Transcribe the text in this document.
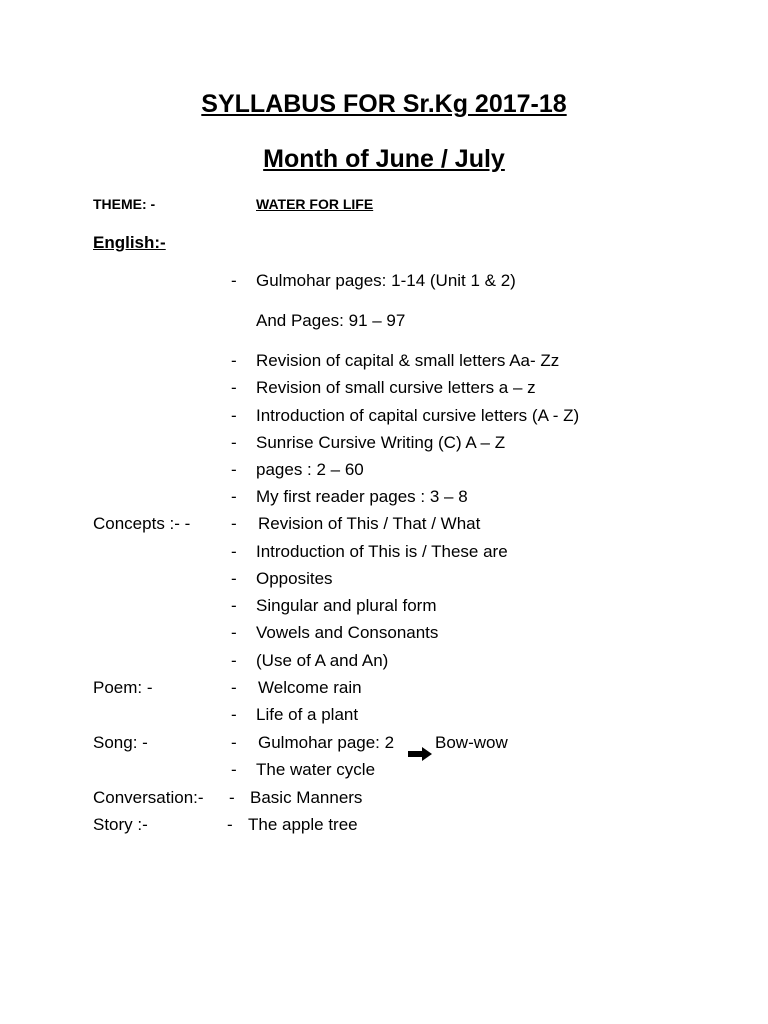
SYLLABUS FOR Sr.Kg 2017-18
Month of June / July
THEME: -	WATER FOR LIFE
English:-
- Gulmohar pages: 1-14 (Unit 1 & 2)
And Pages: 91 – 97
- Revision of capital & small letters Aa- Zz
- Revision of small cursive letters a – z
- Introduction of capital cursive letters (A - Z)
- Sunrise Cursive Writing (C) A – Z
- pages : 2 – 60
- My first reader pages : 3 – 8
Concepts :- - - Revision of This / That / What
- Introduction of This is / These are
- Opposites
- Singular and plural form
- Vowels and Consonants
- (Use of A and An)
Poem: -	- Welcome rain
- Life of a plant
Song: -	- Gulmohar page: 2 Bow-wow
- The water cycle
Conversation:- - Basic Manners
Story :-	- The apple tree
